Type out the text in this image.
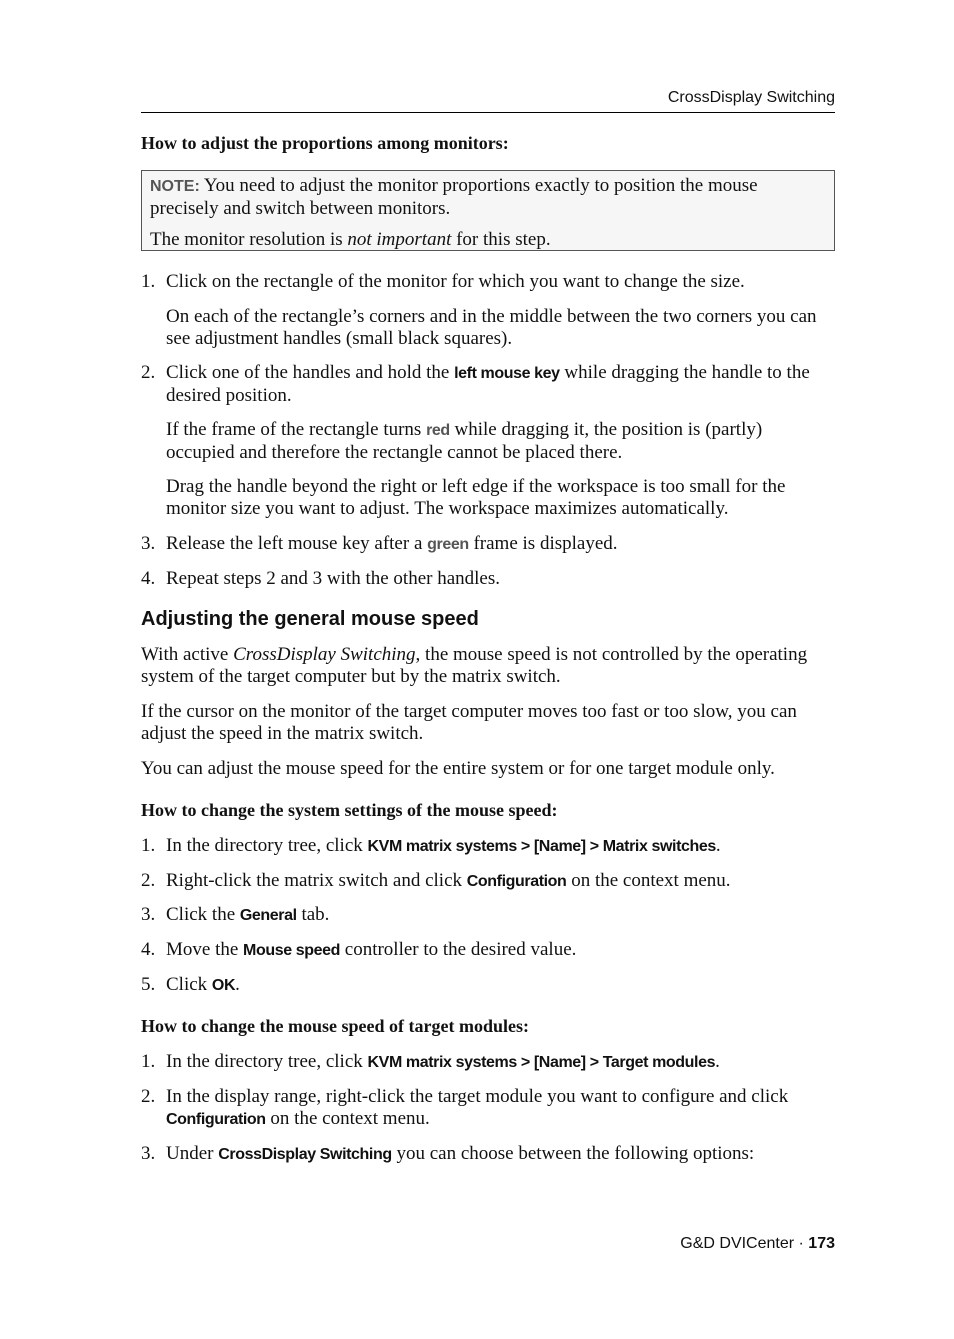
CrossDisplay Switching
How to adjust the proportions among monitors:

NOTE: You need to adjust the monitor proportions exactly to position the mouse precisely and switch between monitors.

The monitor resolution is not important for this step.

1. Click on the rectangle of the monitor for which you want to change the size.
On each of the rectangle’s corners and in the middle between the two corners you can see adjustment handles (small black squares).
2. Click one of the handles and hold the left mouse key while dragging the handle to the desired position.
If the frame of the rectangle turns red while dragging it, the position is (partly) occupied and therefore the rectangle cannot be placed there.
Drag the handle beyond the right or left edge if the workspace is too small for the monitor size you want to adjust. The workspace maximizes automatically.
3. Release the left mouse key after a green frame is displayed.
4. Repeat steps 2 and 3 with the other handles.
Adjusting the general mouse speed
With active CrossDisplay Switching, the mouse speed is not controlled by the operating system of the target computer but by the matrix switch.
If the cursor on the monitor of the target computer moves too fast or too slow, you can adjust the speed in the matrix switch.
You can adjust the mouse speed for the entire system or for one target module only.
How to change the system settings of the mouse speed:
1. In the directory tree, click KVM matrix systems > [Name] > Matrix switches.
2. Right-click the matrix switch and click Configuration on the context menu.
3. Click the General tab.
4. Move the Mouse speed controller to the desired value.
5. Click OK.
How to change the mouse speed of target modules:
1. In the directory tree, click KVM matrix systems > [Name] > Target modules.
2. In the display range, right-click the target module you want to configure and click Configuration on the context menu.
3. Under CrossDisplay Switching you can choose between the following options:
G&D DVICenter · 173
